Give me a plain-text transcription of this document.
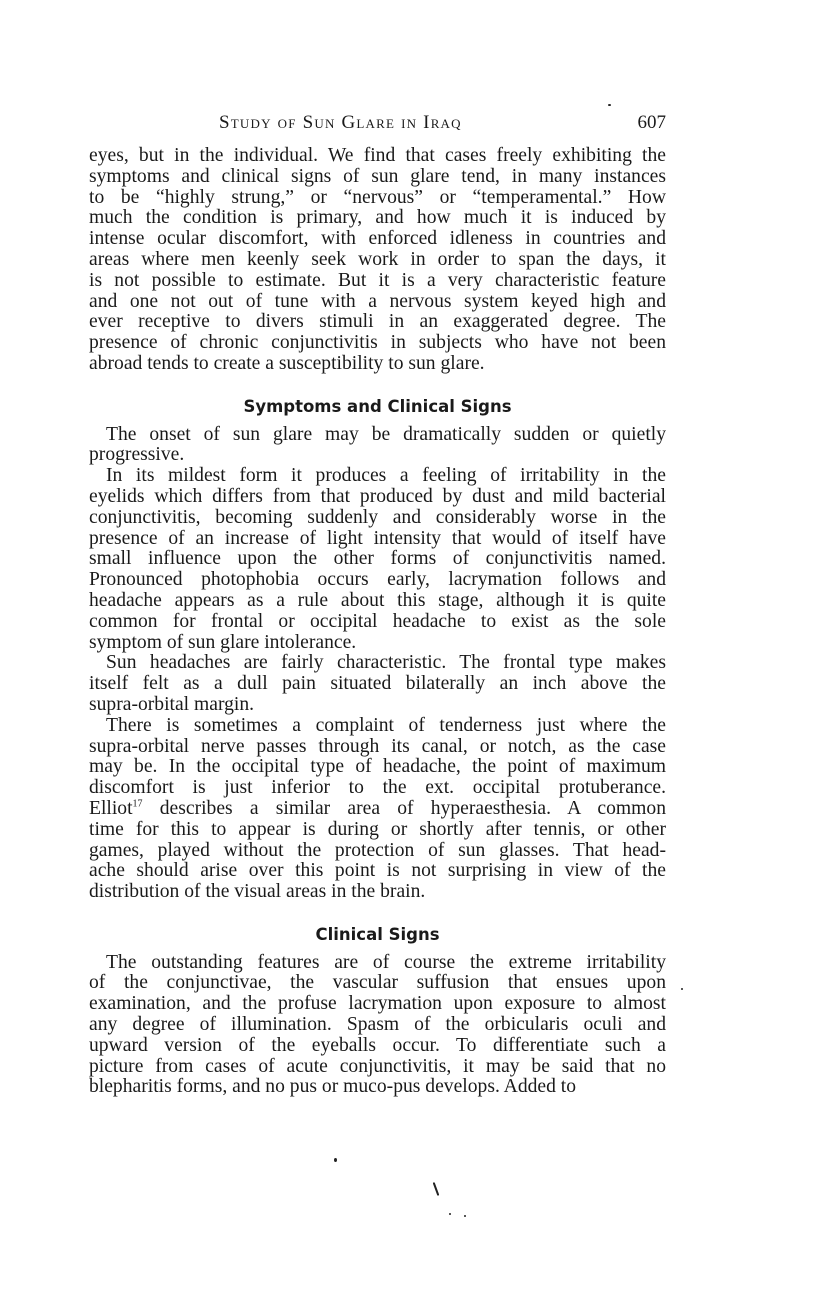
Study of Sun Glare in Iraq	607
eyes, but in the individual. We find that cases freely exhibiting the
symptoms and clinical signs of sun glare tend, in many instances
to be “highly strung,” or “nervous” or “temperamental.” How
much the condition is primary, and how much it is induced by
intense ocular discomfort, with enforced idleness in countries and
areas where men keenly seek work in order to span the days, it
is not possible to estimate. But it is a very characteristic feature
and one not out of tune with a nervous system keyed high and
ever receptive to divers stimuli in an exaggerated degree. The
presence of chronic conjunctivitis in subjects who have not been
abroad tends to create a susceptibility to sun glare.
Symptoms and Clinical Signs
The onset of sun glare may be dramatically sudden or quietly
progressive.
In its mildest form it produces a feeling of irritability in the
eyelids which differs from that produced by dust and mild bacterial
conjunctivitis, becoming suddenly and considerably worse in the
presence of an increase of light intensity that would of itself have
small influence upon the other forms of conjunctivitis named.
Pronounced photophobia occurs early, lacrymation follows and
headache appears as a rule about this stage, although it is quite
common for frontal or occipital headache to exist as the sole
symptom of sun glare intolerance.
Sun headaches are fairly characteristic. The frontal type makes
itself felt as a dull pain situated bilaterally an inch above the
supra-orbital margin.
There is sometimes a complaint of tenderness just where the
supra-orbital nerve passes through its canal, or notch, as the case
may be. In the occipital type of headache, the point of maximum
discomfort is just inferior to the ext. occipital protuberance.
Elliot$^{17}$ describes a similar area of hyperaesthesia. A common
time for this to appear is during or shortly after tennis, or other
games, played without the protection of sun glasses. That head-
ache should arise over this point is not surprising in view of the
distribution of the visual areas in the brain.
Clinical Signs
The outstanding features are of course the extreme irritability
of the conjunctivae, the vascular suffusion that ensues upon
examination, and the profuse lacrymation upon exposure to almost
any degree of illumination. Spasm of the orbicularis oculi and
upward version of the eyeballs occur. To differentiate such a
picture from cases of acute conjunctivitis, it may be said that no
blepharitis forms, and no pus or muco-pus develops. Added to
